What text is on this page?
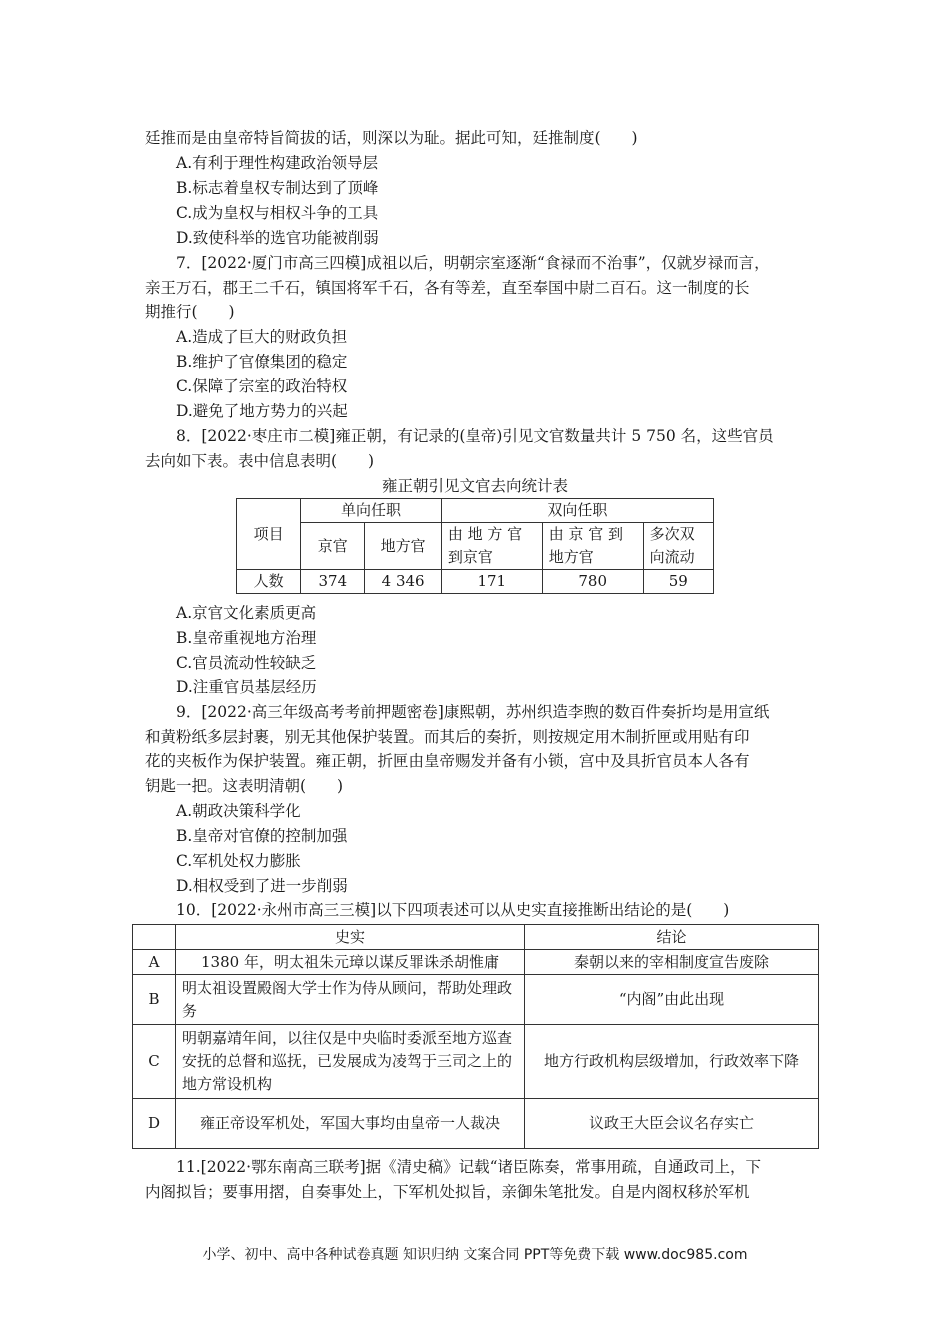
廷推而是由皇帝特旨简拔的话，则深以为耻。据此可知，廷推制度(　　)
A.有利于理性构建政治领导层
B.标志着皇权专制达到了顶峰
C.成为皇权与相权斗争的工具
D.致使科举的选官功能被削弱
7．[2022·厦门市高三四模]成祖以后，明朝宗室逐渐“食禄而不治事”，仅就岁禄而言，
亲王万石，郡王二千石，镇国将军千石，各有等差，直至奉国中尉二百石。这一制度的长
期推行(　　)
A.造成了巨大的财政负担
B.维护了官僚集团的稳定
C.保障了宗室的政治特权
D.避免了地方势力的兴起
8．[2022·枣庄市二模]雍正朝，有记录的(皇帝)引见文官数量共计 5 750 名，这些官员
去向如下表。表中信息表明(　　)
雍正朝引见文官去向统计表
项目	单向任职		双向任职		
	京官	地方官	由 地 方 官 到京官	由 京 官 到 地方官	多次双向流动
人数	374	4 346	171	780	59
A.京官文化素质更高
B.皇帝重视地方治理
C.官员流动性较缺乏
D.注重官员基层经历
9．[2022·高三年级高考考前押题密卷]康熙朝，苏州织造李煦的数百件奏折均是用宣纸
和黄粉纸多层封裹，别无其他保护装置。而其后的奏折，则按规定用木制折匣或用贴有印
花的夹板作为保护装置。雍正朝，折匣由皇帝赐发并备有小锁，宫中及具折官员本人各有
钥匙一把。这表明清朝(　　)
A.朝政决策科学化
B.皇帝对官僚的控制加强
C.军机处权力膨胀
D.相权受到了进一步削弱
10．[2022·永州市高三三模]以下四项表述可以从史实直接推断出结论的是(　　)
	史实	结论
A	1380 年，明太祖朱元璋以谋反罪诛杀胡惟庸	秦朝以来的宰相制度宣告废除
B	明太祖设置殿阁大学士作为侍从顾问，帮助处理政务	“内阁”由此出现
C	明朝嘉靖年间，以往仅是中央临时委派至地方巡查安抚的总督和巡抚，已发展成为凌驾于三司之上的地方常设机构	地方行政机构层级增加，行政效率下降
D	雍正帝设军机处，军国大事均由皇帝一人裁决	议政王大臣会议名存实亡
11.[2022·鄂东南高三联考]据《清史稿》记载“诸臣陈奏，常事用疏，自通政司上，下
内阁拟旨；要事用摺，自奏事处上，下军机处拟旨，亲御朱笔批发。自是内阁权移於军机
小学、初中、高中各种试卷真题 知识归纳 文案合同 PPT等免费下载 www.doc985.com
